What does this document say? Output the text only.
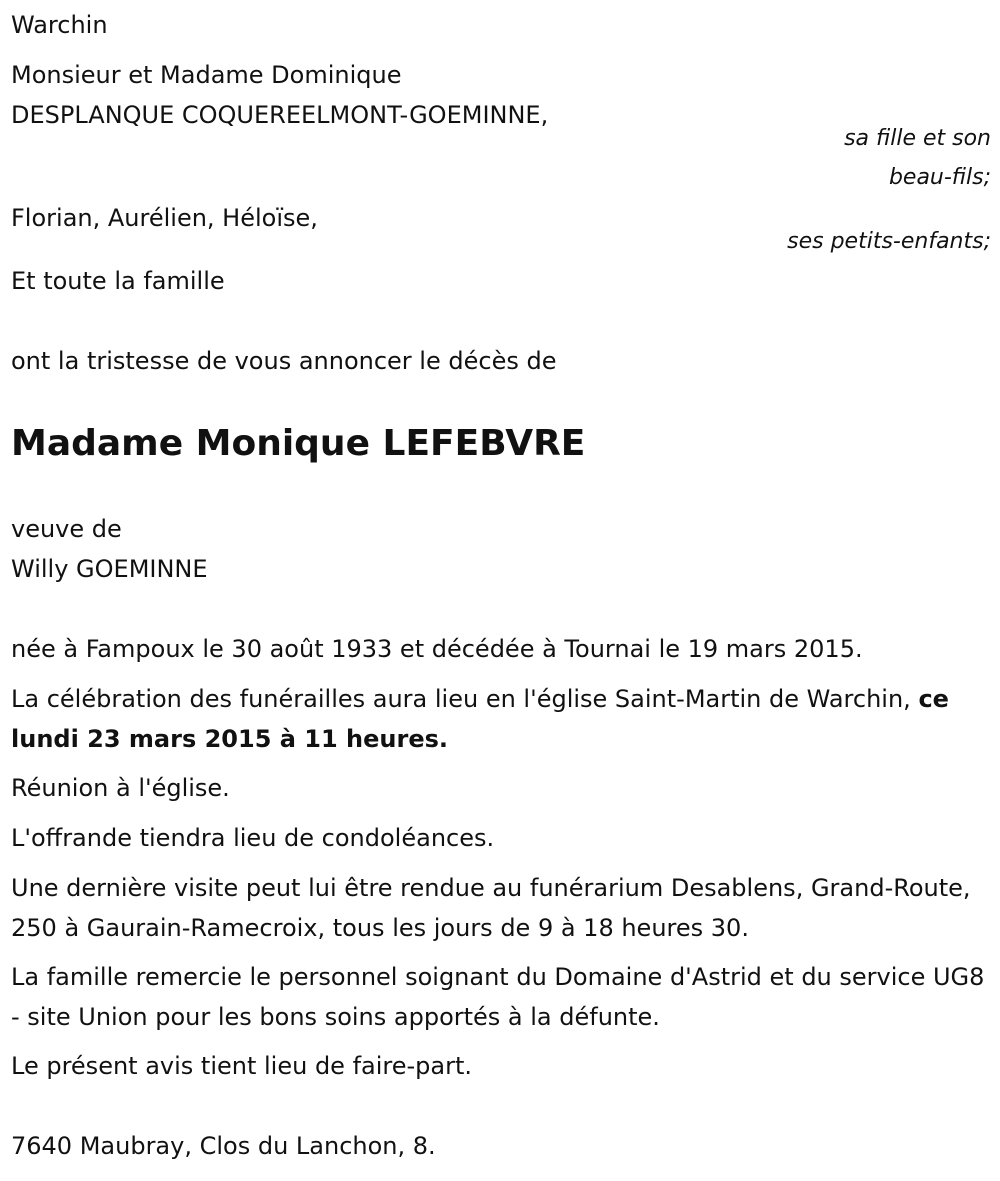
Warchin
Monsieur et Madame Dominique
DESPLANQUE COQUEREELMONT-GOEMINNE,
sa fille et son
beau-fils;
Florian, Aurélien, Héloïse,
ses petits-enfants;
Et toute la famille
ont la tristesse de vous annoncer le décès de
Madame Monique LEFEBVRE
veuve de
Willy GOEMINNE
née à Fampoux le 30 août 1933 et décédée à Tournai le 19 mars 2015.
La célébration des funérailles aura lieu en l'église Saint-Martin de Warchin, ce lundi 23 mars 2015 à 11 heures.
Réunion à l'église.
L'offrande tiendra lieu de condoléances.
Une dernière visite peut lui être rendue au funérarium Desablens, Grand-Route, 250 à Gaurain-Ramecroix, tous les jours de 9 à 18 heures 30.
La famille remercie le personnel soignant du Domaine d'Astrid et du service UG8 - site Union pour les bons soins apportés à la défunte.
Le présent avis tient lieu de faire-part.
7640 Maubray, Clos du Lanchon, 8.
